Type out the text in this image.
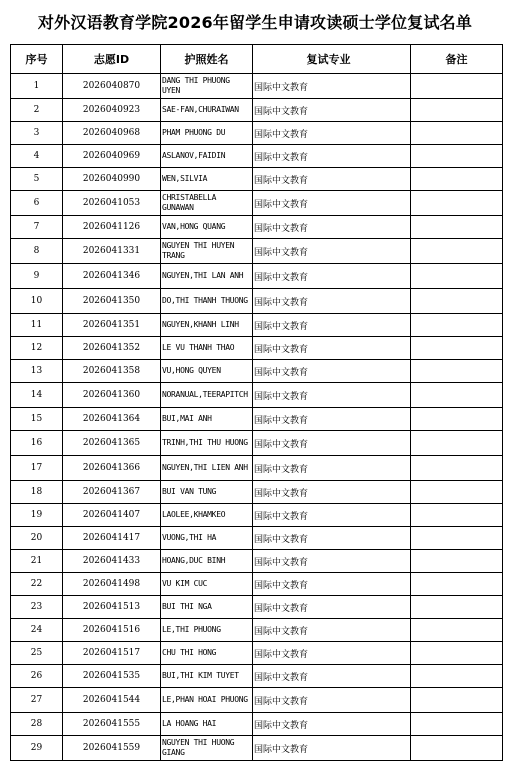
对外汉语教育学院2026年留学生申请攻读硕士学位复试名单
序号	志愿ID	护照姓名	复试专业	备注
1	2026040870	DANG THI PHUONG UYEN	国际中文教育	
2	2026040923	SAE-FAN,CHURAIWAN	国际中文教育	
3	2026040968	PHAM PHUONG DU	国际中文教育	
4	2026040969	ASLANOV,FAIDIN	国际中文教育	
5	2026040990	WEN,SILVIA	国际中文教育	
6	2026041053	CHRISTABELLA GUNAWAN	国际中文教育	
7	2026041126	VAN,HONG QUANG	国际中文教育	
8	2026041331	NGUYEN THI HUYEN TRANG	国际中文教育	
9	2026041346	NGUYEN,THI LAN ANH	国际中文教育	
10	2026041350	DO,THI THANH THUONG	国际中文教育	
11	2026041351	NGUYEN,KHANH LINH	国际中文教育	
12	2026041352	LE VU THANH THAO	国际中文教育	
13	2026041358	VU,HONG QUYEN	国际中文教育	
14	2026041360	NORANUAL,TEERAPITCH	国际中文教育	
15	2026041364	BUI,MAI ANH	国际中文教育	
16	2026041365	TRINH,THI THU HUONG	国际中文教育	
17	2026041366	NGUYEN,THI LIEN ANH	国际中文教育	
18	2026041367	BUI VAN TUNG	国际中文教育	
19	2026041407	LAOLEE,KHAMKEO	国际中文教育	
20	2026041417	VUONG,THI HA	国际中文教育	
21	2026041433	HOANG,DUC BINH	国际中文教育	
22	2026041498	VU KIM CUC	国际中文教育	
23	2026041513	BUI THI NGA	国际中文教育	
24	2026041516	LE,THI PHUONG	国际中文教育	
25	2026041517	CHU THI HONG	国际中文教育	
26	2026041535	BUI,THI KIM TUYET	国际中文教育	
27	2026041544	LE,PHAN HOAI PHUONG	国际中文教育	
28	2026041555	LA HOANG HAI	国际中文教育	
29	2026041559	NGUYEN THI HUONG GIANG	国际中文教育	
